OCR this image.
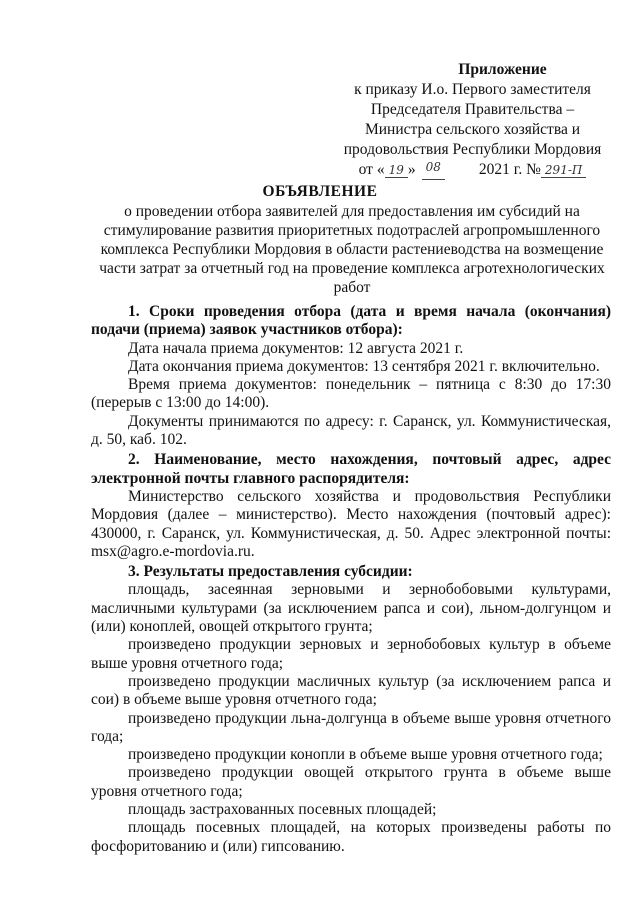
Приложение
к приказу И.о. Первого заместителя
Председателя Правительства –
Министра сельского хозяйства и
продовольствия Республики Мордовия
от « 19 » 08 2021 г. № 291-П
ОБЪЯВЛЕНИЕ
о проведении отбора заявителей для предоставления им субсидий на стимулирование развития приоритетных подотраслей агропромышленного комплекса Республики Мордовия в области растениеводства на возмещение части затрат за отчетный год на проведение комплекса агротехнологических работ

1. Сроки проведения отбора (дата и время начала (окончания) подачи (приема) заявок участников отбора):

Дата начала приема документов: 12 августа 2021 г.

Дата окончания приема документов: 13 сентября 2021 г. включительно.

Время приема документов: понедельник – пятница с 8:30 до 17:30 (перерыв с 13:00 до 14:00).

Документы принимаются по адресу: г. Саранск, ул. Коммунистическая, д. 50, каб. 102.

2. Наименование, место нахождения, почтовый адрес, адрес электронной почты главного распорядителя:

Министерство сельского хозяйства и продовольствия Республики Мордовия (далее – министерство). Место нахождения (почтовый адрес): 430000, г. Саранск, ул. Коммунистическая, д. 50. Адрес электронной почты: msx@agro.e-mordovia.ru.

3. Результаты предоставления субсидии:

площадь, засеянная зерновыми и зернобобовыми культурами, масличными культурами (за исключением рапса и сои), льном-долгунцом и (или) коноплей, овощей открытого грунта;

произведено продукции зерновых и зернобобовых культур в объеме выше уровня отчетного года;

произведено продукции масличных культур (за исключением рапса и сои) в объеме выше уровня отчетного года;

произведено продукции льна-долгунца в объеме выше уровня отчетного года;

произведено продукции конопли в объеме выше уровня отчетного года;

произведено продукции овощей открытого грунта в объеме выше уровня отчетного года;

площадь застрахованных посевных площадей;

площадь посевных площадей, на которых произведены работы по фосфоритованию и (или) гипсованию.
